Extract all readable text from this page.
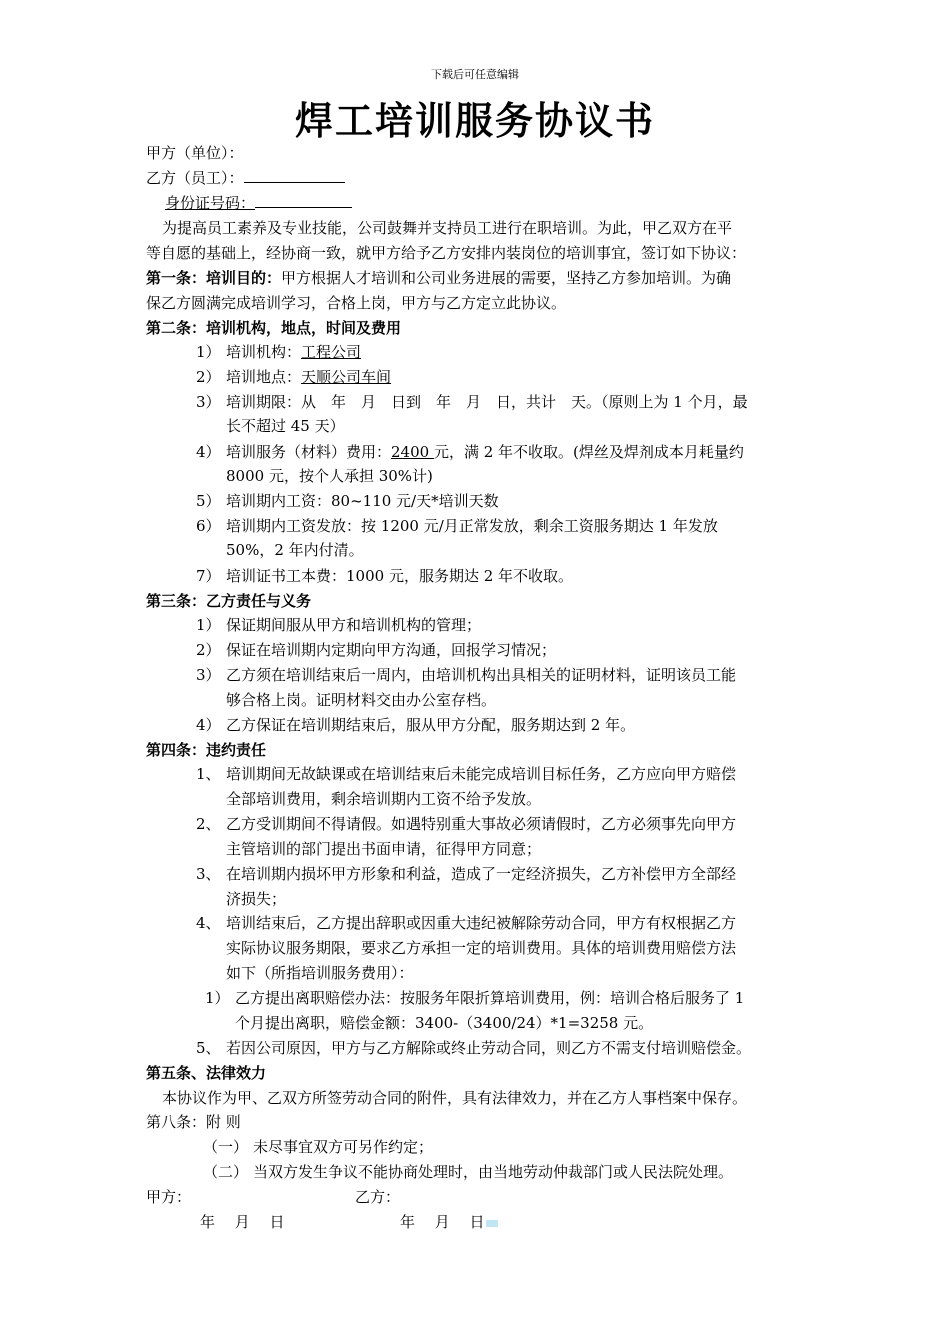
下载后可任意编辑
焊工培训服务协议书
甲方（单位）：
乙方（员工）：
身份证号码：
为提高员工素养及专业技能，公司鼓舞并支持员工进行在职培训。为此，甲乙双方在平
等自愿的基础上，经协商一致，就甲方给予乙方安排内装岗位的培训事宜，签订如下协议：
第一条：培训目的：甲方根据人才培训和公司业务进展的需要，坚持乙方参加培训。为确
保乙方圆满完成培训学习，合格上岗，甲方与乙方定立此协议。
第二条：培训机构，地点，时间及费用
1） 培训机构：工程公司
2） 培训地点：天顺公司车间
3） 培训期限：从　年　月　日到　年　月　日，共计　天。（原则上为 1 个月，最
长不超过 45 天）
4） 培训服务（材料）费用：2400 元，满 2 年不收取。(焊丝及焊剂成本月耗量约
8000 元，按个人承担 30%计)
5） 培训期内工资：80~110 元/天*培训天数
6） 培训期内工资发放：按 1200 元/月正常发放，剩余工资服务期达 1 年发放
50%，2 年内付清。
7） 培训证书工本费：1000 元，服务期达 2 年不收取。
第三条：乙方责任与义务
1） 保证期间服从甲方和培训机构的管理；
2） 保证在培训期内定期向甲方沟通，回报学习情况；
3） 乙方须在培训结束后一周内，由培训机构出具相关的证明材料，证明该员工能
够合格上岗。证明材料交由办公室存档。
4） 乙方保证在培训期结束后，服从甲方分配，服务期达到 2 年。
第四条：违约责任
1、 培训期间无故缺课或在培训结束后未能完成培训目标任务，乙方应向甲方赔偿
全部培训费用，剩余培训期内工资不给予发放。
2、 乙方受训期间不得请假。如遇特别重大事故必须请假时，乙方必须事先向甲方
主管培训的部门提出书面申请，征得甲方同意；
3、 在培训期内损坏甲方形象和利益，造成了一定经济损失，乙方补偿甲方全部经
济损失；
4、 培训结束后，乙方提出辞职或因重大违纪被解除劳动合同，甲方有权根据乙方
实际协议服务期限，要求乙方承担一定的培训费用。具体的培训费用赔偿方法
如下（所指培训服务费用）：
1） 乙方提出离职赔偿办法：按服务年限折算培训费用，例：培训合格后服务了 1
个月提出离职，赔偿金额：3400-（3400/24）*1=3258 元。
5、 若因公司原因，甲方与乙方解除或终止劳动合同，则乙方不需支付培训赔偿金。
第五条、法律效力
本协议作为甲、乙双方所签劳动合同的附件，具有法律效力，并在乙方人事档案中保存。
第八条：附 则
（一） 未尽事宜双方可另作约定；
（二） 当双方发生争议不能协商处理时，由当地劳动仲裁部门或人民法院处理。
甲方：	乙方：
年　 月　 日	年　 月　 日
